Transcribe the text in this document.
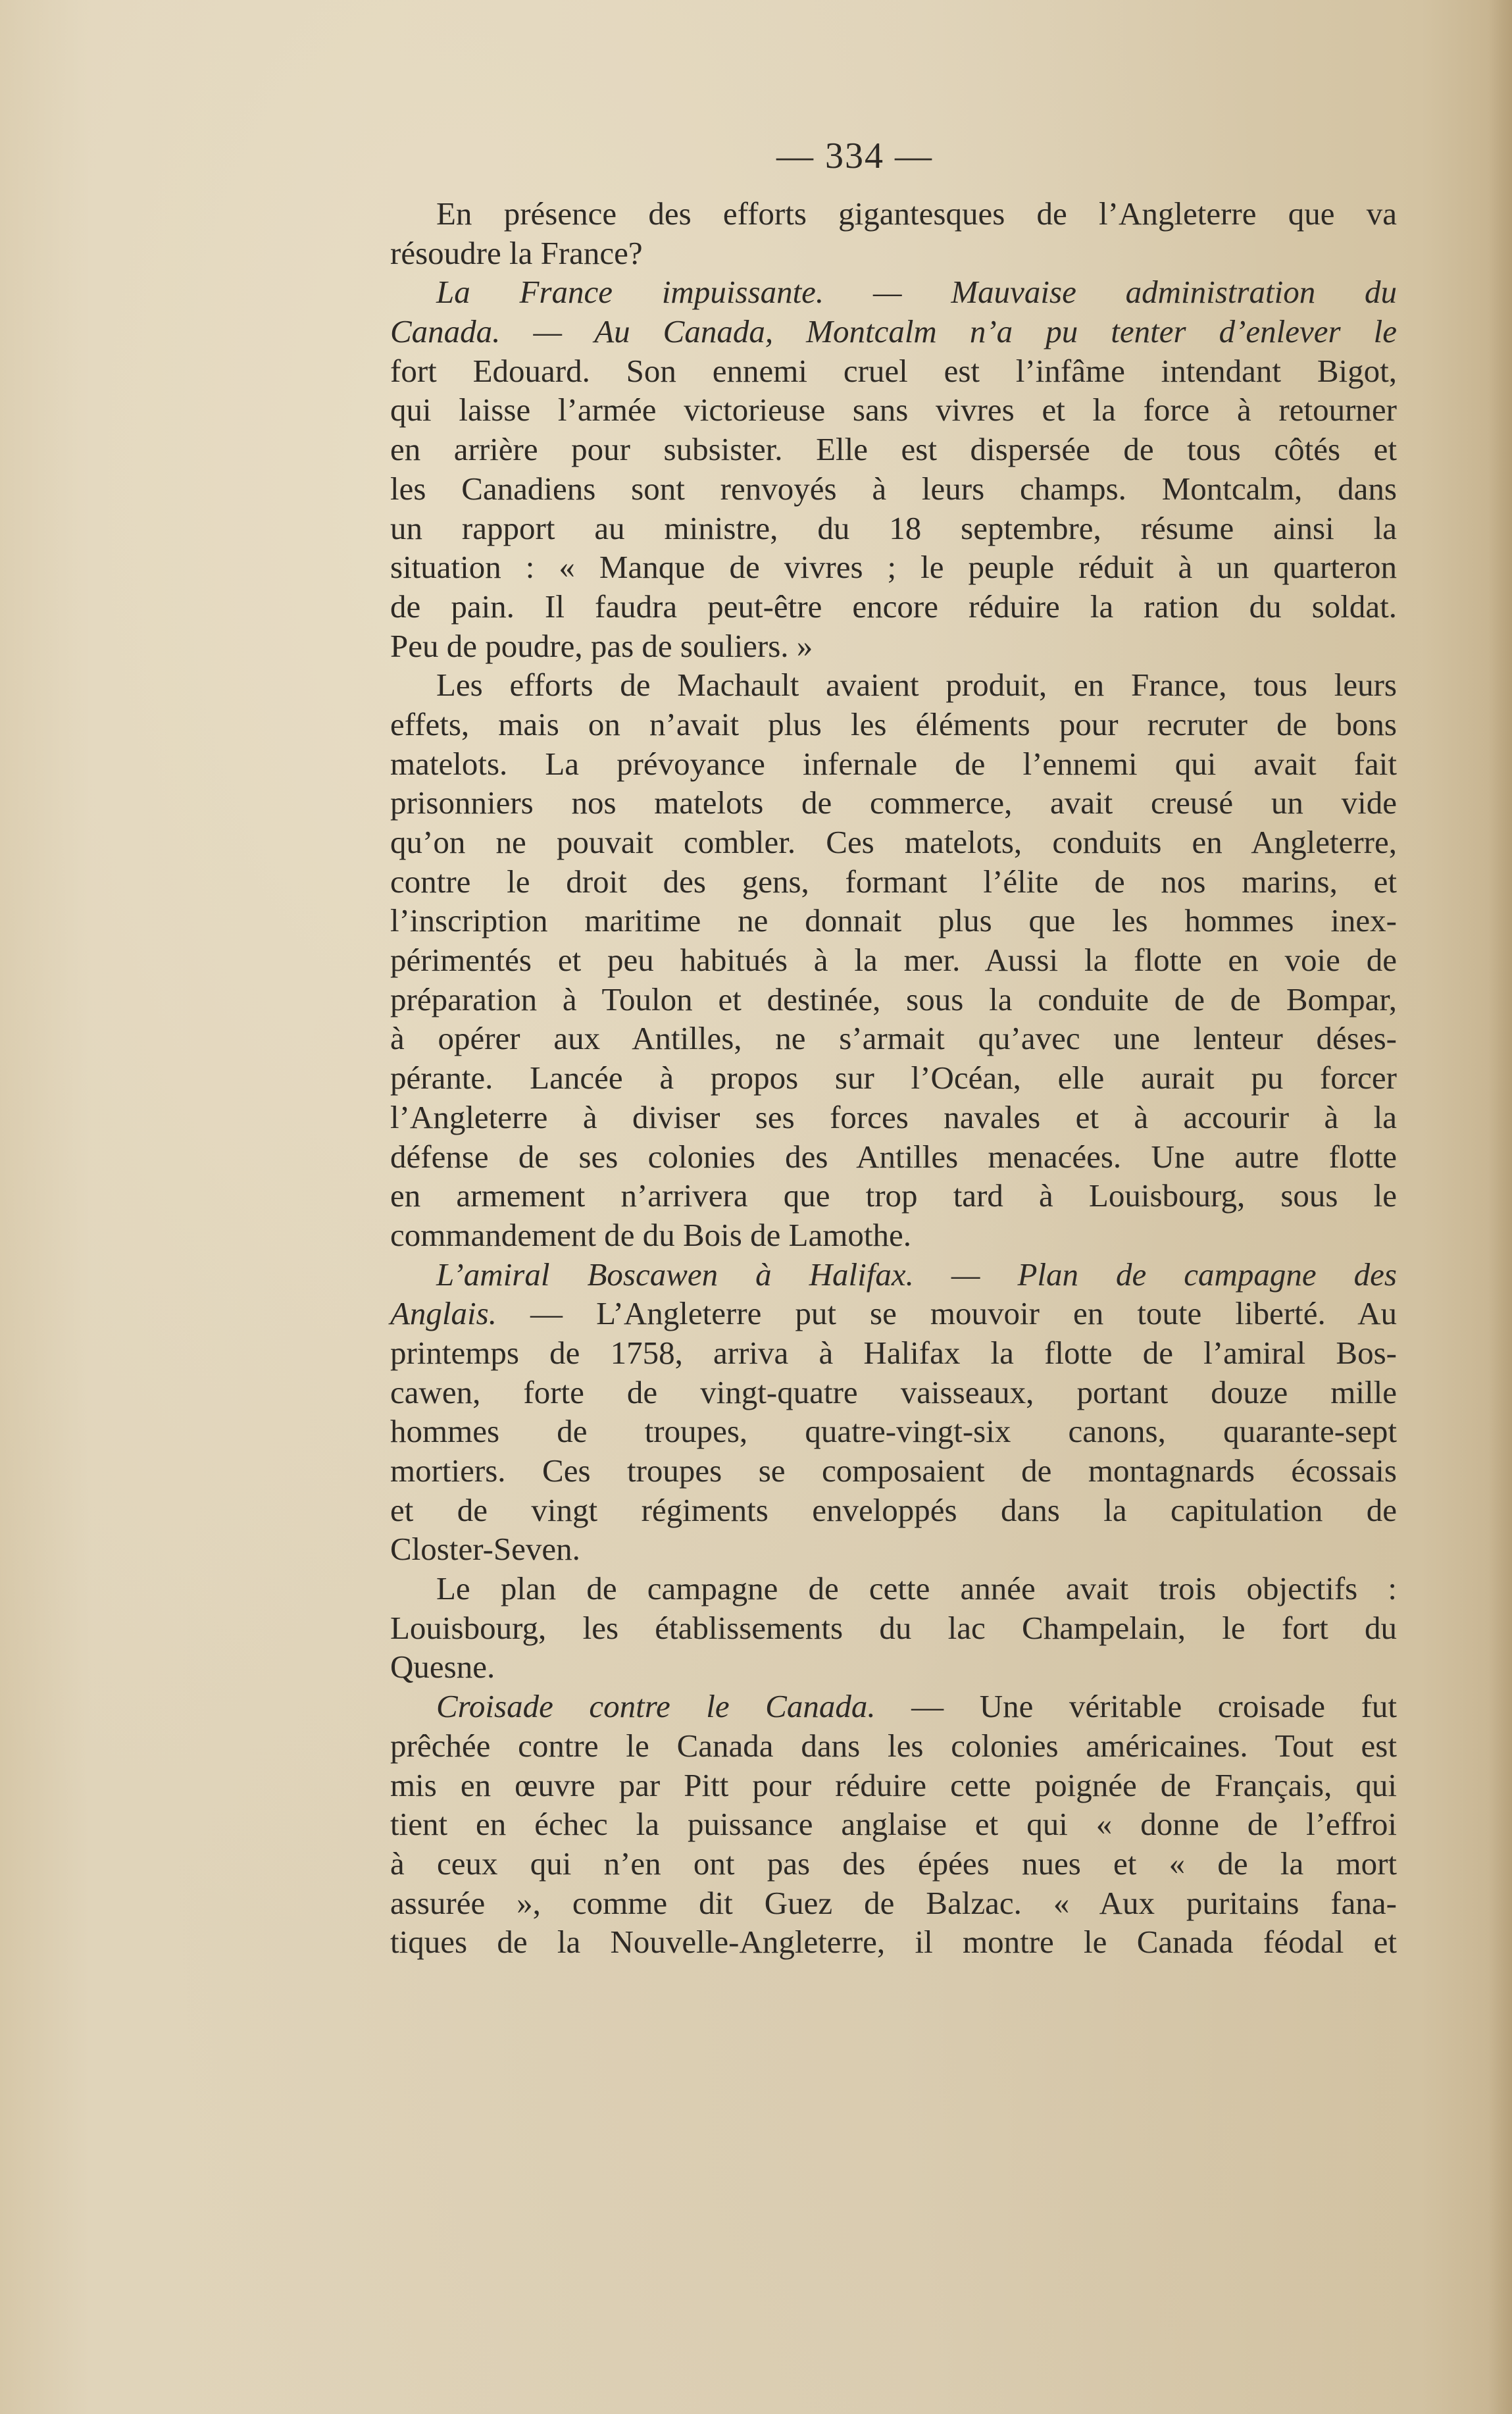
— 334 —
En présence des efforts gigantesques de l’Angleterre que va
résoudre la France?
La France impuissante. — Mauvaise administration du
Canada. — Au Canada, Montcalm n’a pu tenter d’enlever le
fort Edouard. Son ennemi cruel est l’infâme intendant Bigot,
qui laisse l’armée victorieuse sans vivres et la force à retourner
en arrière pour subsister. Elle est dispersée de tous côtés et
les Canadiens sont renvoyés à leurs champs. Montcalm, dans
un rapport au ministre, du 18 septembre, résume ainsi la
situation : « Manque de vivres ; le peuple réduit à un quarteron
de pain. Il faudra peut-être encore réduire la ration du soldat.
Peu de poudre, pas de souliers. »
Les efforts de Machault avaient produit, en France, tous leurs
effets, mais on n’avait plus les éléments pour recruter de bons
matelots. La prévoyance infernale de l’ennemi qui avait fait
prisonniers nos matelots de commerce, avait creusé un vide
qu’on ne pouvait combler. Ces matelots, conduits en Angleterre,
contre le droit des gens, formant l’élite de nos marins, et
l’inscription maritime ne donnait plus que les hommes inex-
périmentés et peu habitués à la mer. Aussi la flotte en voie de
préparation à Toulon et destinée, sous la conduite de de Bompar,
à opérer aux Antilles, ne s’armait qu’avec une lenteur déses-
pérante. Lancée à propos sur l’Océan, elle aurait pu forcer
l’Angleterre à diviser ses forces navales et à accourir à la
défense de ses colonies des Antilles menacées. Une autre flotte
en armement n’arrivera que trop tard à Louisbourg, sous le
commandement de du Bois de Lamothe.
L’amiral Boscawen à Halifax. — Plan de campagne des
Anglais. — L’Angleterre put se mouvoir en toute liberté. Au
printemps de 1758, arriva à Halifax la flotte de l’amiral Bos-
cawen, forte de vingt-quatre vaisseaux, portant douze mille
hommes de troupes, quatre-vingt-six canons, quarante-sept
mortiers. Ces troupes se composaient de montagnards écossais
et de vingt régiments enveloppés dans la capitulation de
Closter-Seven.
Le plan de campagne de cette année avait trois objectifs :
Louisbourg, les établissements du lac Champelain, le fort du
Quesne.
Croisade contre le Canada. — Une véritable croisade fut
prêchée contre le Canada dans les colonies américaines. Tout est
mis en œuvre par Pitt pour réduire cette poignée de Français, qui
tient en échec la puissance anglaise et qui « donne de l’effroi
à ceux qui n’en ont pas des épées nues et « de la mort
assurée », comme dit Guez de Balzac. « Aux puritains fana-
tiques de la Nouvelle-Angleterre, il montre le Canada féodal et
